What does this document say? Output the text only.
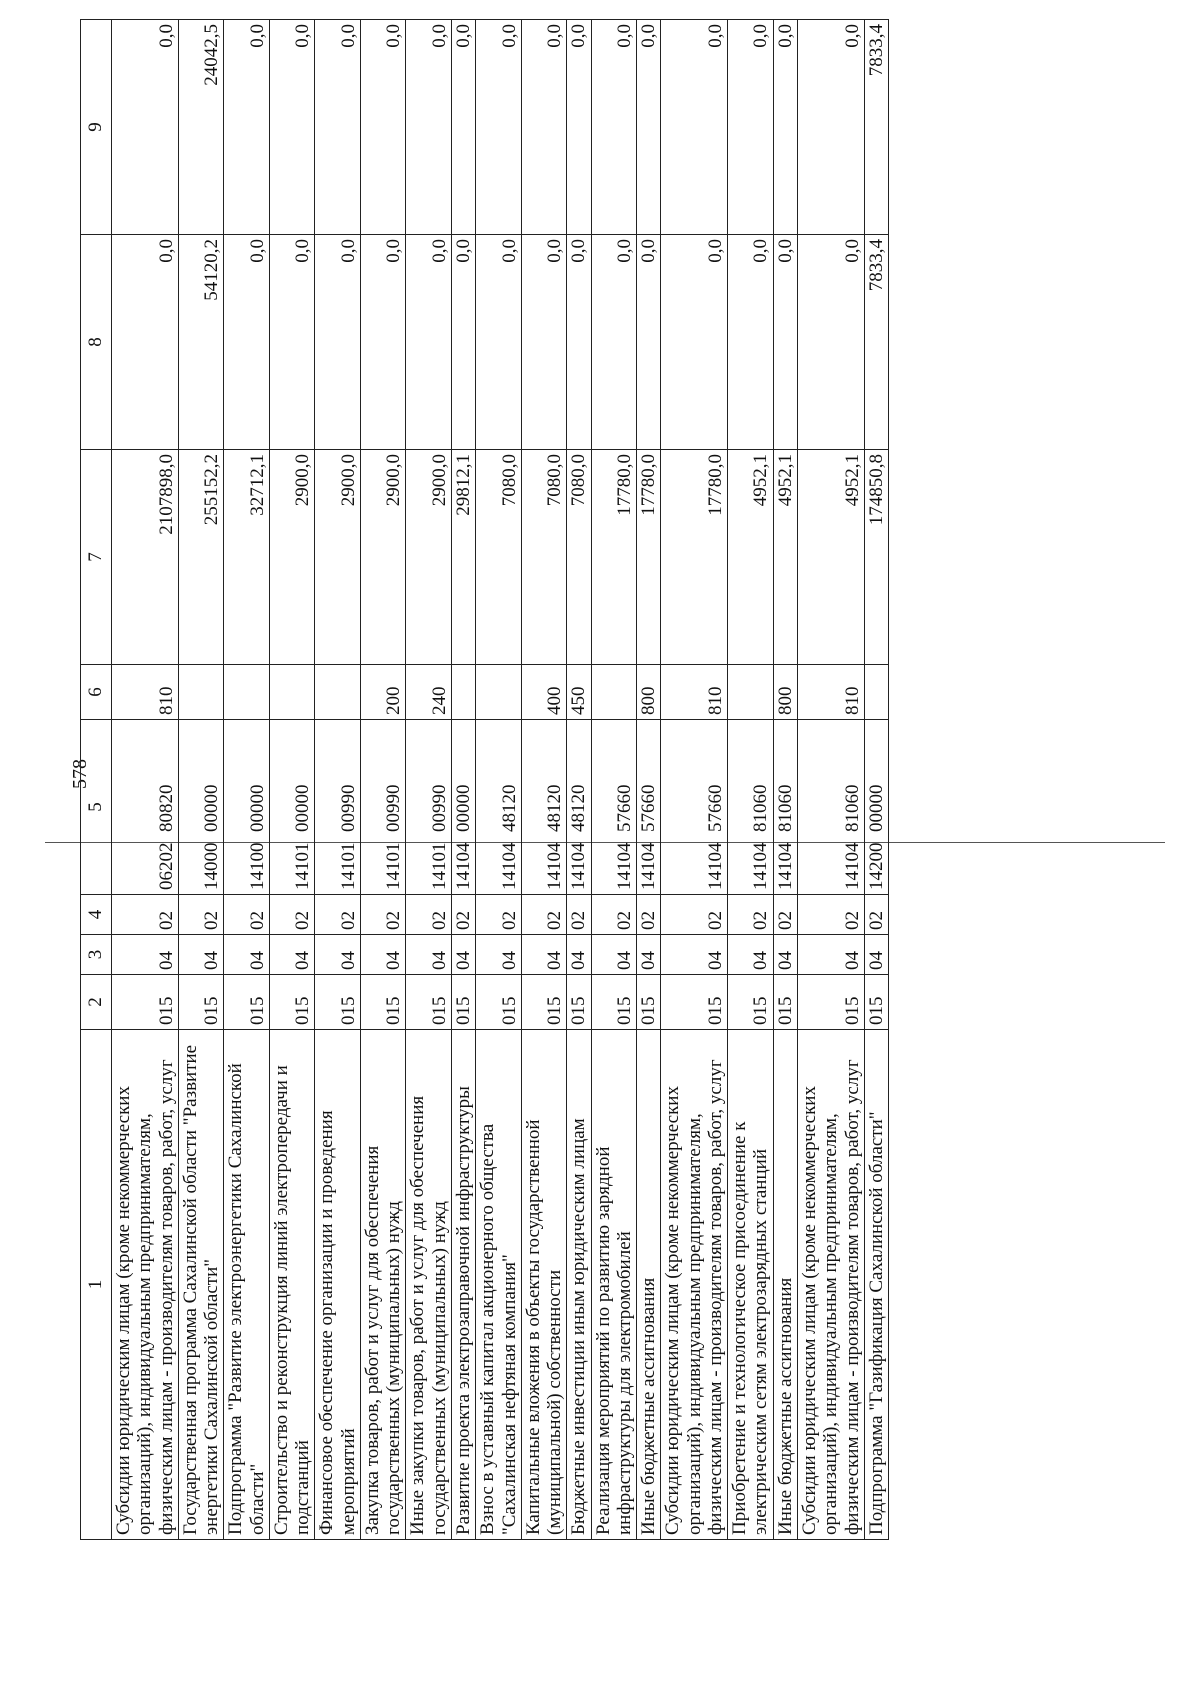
578
1	2	3	4	5	6	7	8	9
Субсидии юридическим лицам (кроме некоммерческих организаций), индивидуальным предпринимателям, физическим лицам - производителям товаров, работ, услуг	015	04	02	0620280820	810	2107898,0	0,0	0,0
Государственная программа Сахалинской области "Развитие энергетики Сахалинской области"	015	04	02	1400000000		255152,2	54120,2	24042,5
Подпрограмма "Развитие электроэнергетики Сахалинской области"	015	04	02	1410000000		32712,1	0,0	0,0
Строительство и реконструкция линий электропередачи и подстанций	015	04	02	1410100000		2900,0	0,0	0,0
Финансовое обеспечение организации и проведения мероприятий	015	04	02	1410100990		2900,0	0,0	0,0
Закупка товаров, работ и услуг для обеспечения государственных (муниципальных) нужд	015	04	02	1410100990	200	2900,0	0,0	0,0
Иные закупки товаров, работ и услуг для обеспечения государственных (муниципальных) нужд	015	04	02	1410100990	240	2900,0	0,0	0,0
Развитие проекта электрозаправочной инфраструктуры	015	04	02	1410400000		29812,1	0,0	0,0
Взнос в уставный капитал акционерного общества "Сахалинская нефтяная компания"	015	04	02	1410448120		7080,0	0,0	0,0
Капитальные вложения в объекты государственной (муниципальной) собственности	015	04	02	1410448120	400	7080,0	0,0	0,0
Бюджетные инвестиции иным юридическим лицам	015	04	02	1410448120	450	7080,0	0,0	0,0
Реализация мероприятий по развитию зарядной инфраструктуры для электромобилей	015	04	02	1410457660		17780,0	0,0	0,0
Иные бюджетные ассигнования	015	04	02	1410457660	800	17780,0	0,0	0,0
Субсидии юридическим лицам (кроме некоммерческих организаций), индивидуальным предпринимателям, физическим лицам - производителям товаров, работ, услуг	015	04	02	1410457660	810	17780,0	0,0	0,0
Приобретение и технологическое присоединение к электрическим сетям электрозарядных станций	015	04	02	1410481060		4952,1	0,0	0,0
Иные бюджетные ассигнования	015	04	02	1410481060	800	4952,1	0,0	0,0
Субсидии юридическим лицам (кроме некоммерческих организаций), индивидуальным предпринимателям, физическим лицам - производителям товаров, работ, услуг	015	04	02	1410481060	810	4952,1	0,0	0,0
Подпрограмма "Газификация Сахалинской области"	015	04	02	1420000000		174850,8	7833,4	7833,4
